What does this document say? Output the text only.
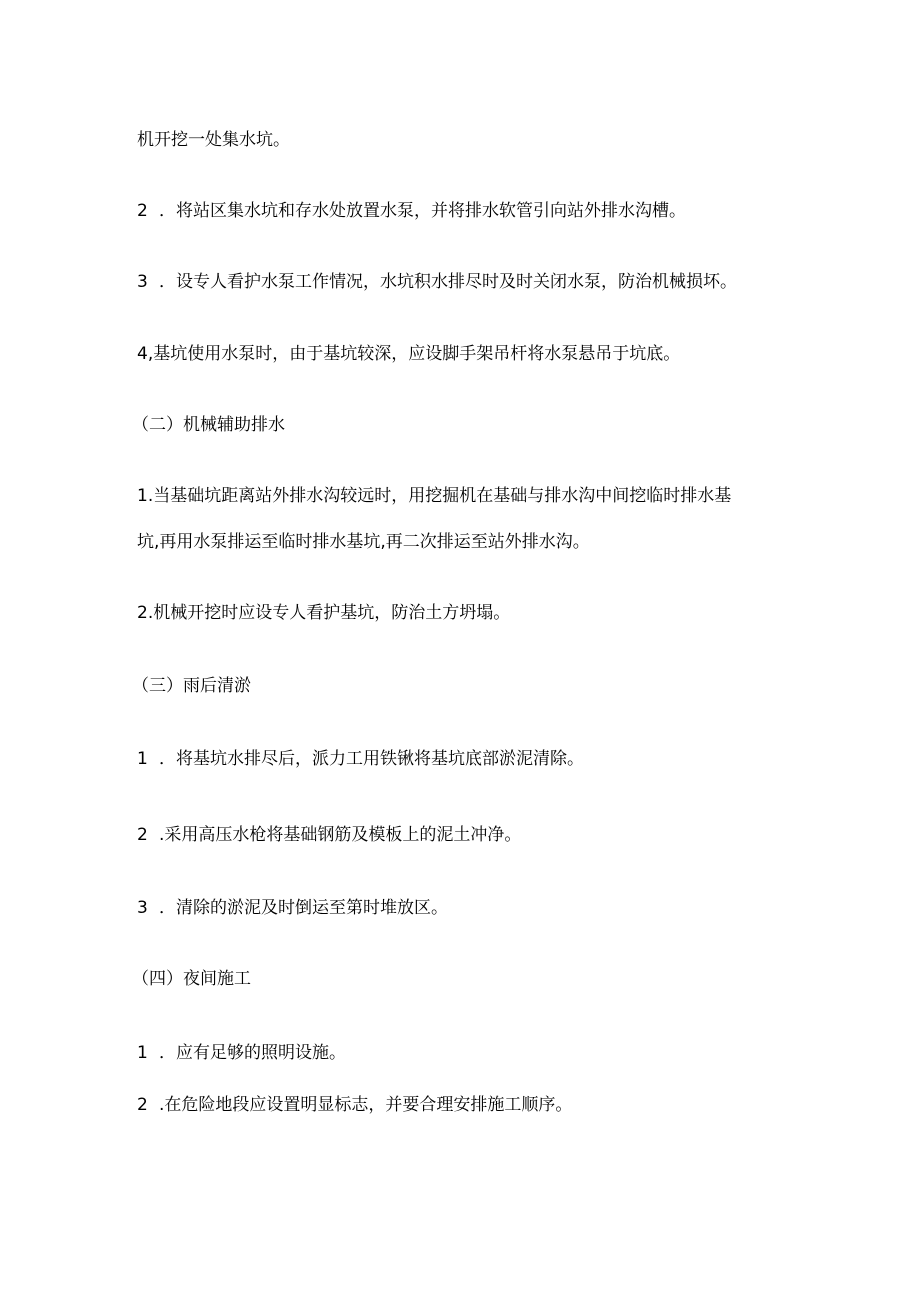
机开挖一处集水坑。
2 ．将站区集水坑和存水处放置水泵，并将排水软管引向站外排水沟槽。
3 ．设专人看护水泵工作情况，水坑积水排尽时及时关闭水泵，防治机械损坏。
4,基坑使用水泵时，由于基坑较深，应设脚手架吊杆将水泵悬吊于坑底。
（二）机械辅助排水
1.当基础坑距离站外排水沟较远时，用挖掘机在基础与排水沟中间挖临时排水基
坑,再用水泵排运至临时排水基坑,再二次排运至站外排水沟。
2.机械开挖时应设专人看护基坑，防治土方坍塌。
（三）雨后清淤
1 ．将基坑水排尽后，派力工用铁锹将基坑底部淤泥清除。
2 .采用高压水枪将基础钢筋及模板上的泥土冲净。
3 ．清除的淤泥及时倒运至第时堆放区。
（四）夜间施工
1 ．应有足够的照明设施。
2 .在危险地段应设置明显标志，并要合理安排施工顺序。
